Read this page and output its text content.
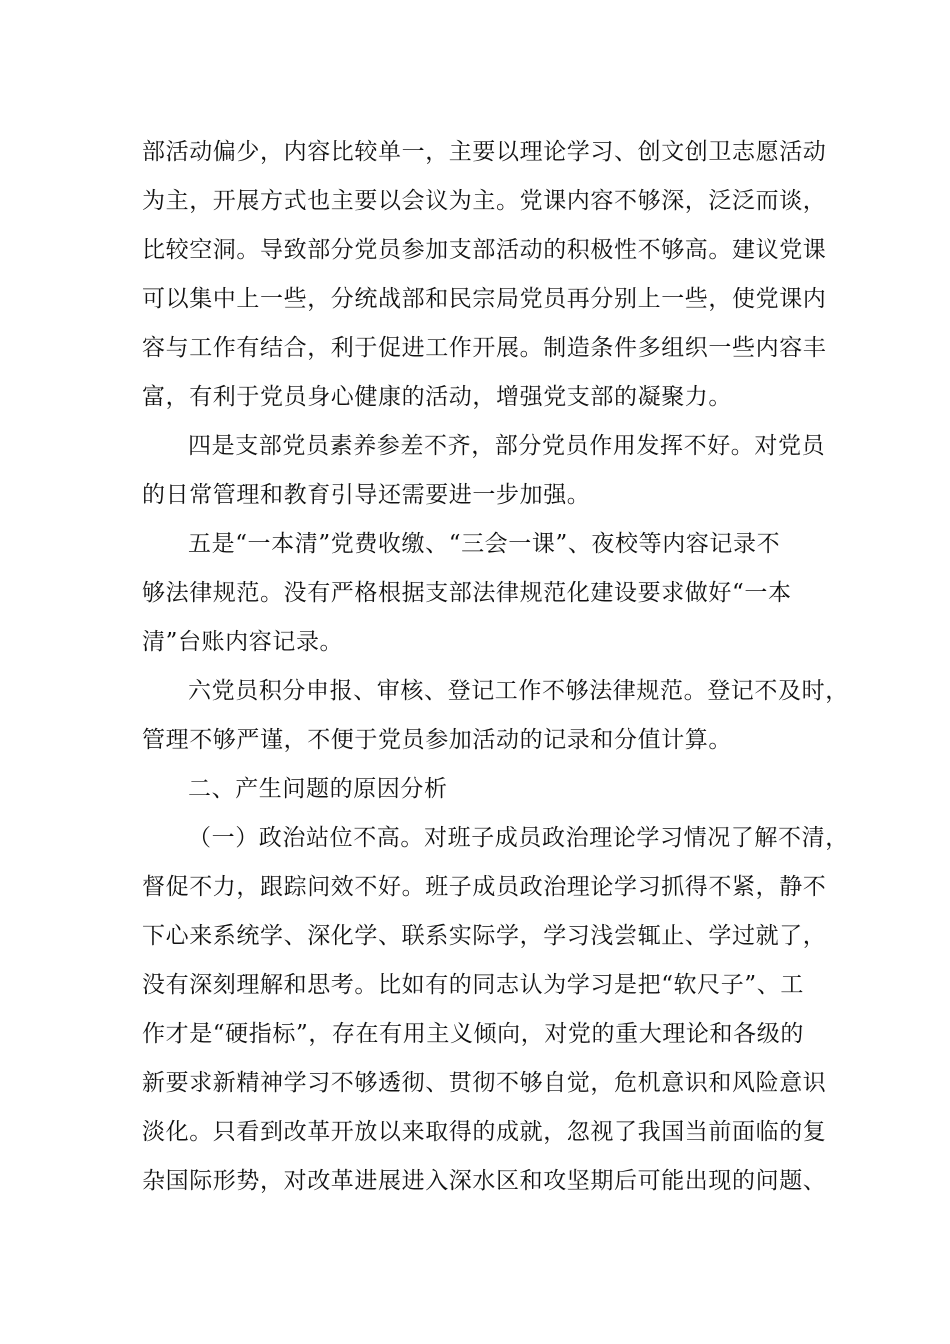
部活动偏少，内容比较单一，主要以理论学习、创文创卫志愿活动
为主，开展方式也主要以会议为主。党课内容不够深，泛泛而谈，
比较空洞。导致部分党员参加支部活动的积极性不够高。建议党课
可以集中上一些，分统战部和民宗局党员再分别上一些，使党课内
容与工作有结合，利于促进工作开展。制造条件多组织一些内容丰
富，有利于党员身心健康的活动，增强党支部的凝聚力。
四是支部党员素养参差不齐，部分党员作用发挥不好。对党员
的日常管理和教育引导还需要进一步加强。
五是“一本清”党费收缴、“三会一课”、夜校等内容记录不
够法律规范。没有严格根据支部法律规范化建设要求做好“一本
清”台账内容记录。
六党员积分申报、审核、登记工作不够法律规范。登记不及时，
管理不够严谨，不便于党员参加活动的记录和分值计算。
二、产生问题的原因分析
（一）政治站位不高。对班子成员政治理论学习情况了解不清，
督促不力，跟踪问效不好。班子成员政治理论学习抓得不紧，静不
下心来系统学、深化学、联系实际学，学习浅尝辄止、学过就了，
没有深刻理解和思考。比如有的同志认为学习是把“软尺子”、工
作才是“硬指标”，存在有用主义倾向，对党的重大理论和各级的
新要求新精神学习不够透彻、贯彻不够自觉，危机意识和风险意识
淡化。只看到改革开放以来取得的成就，忽视了我国当前面临的复
杂国际形势，对改革进展进入深水区和攻坚期后可能出现的问题、
